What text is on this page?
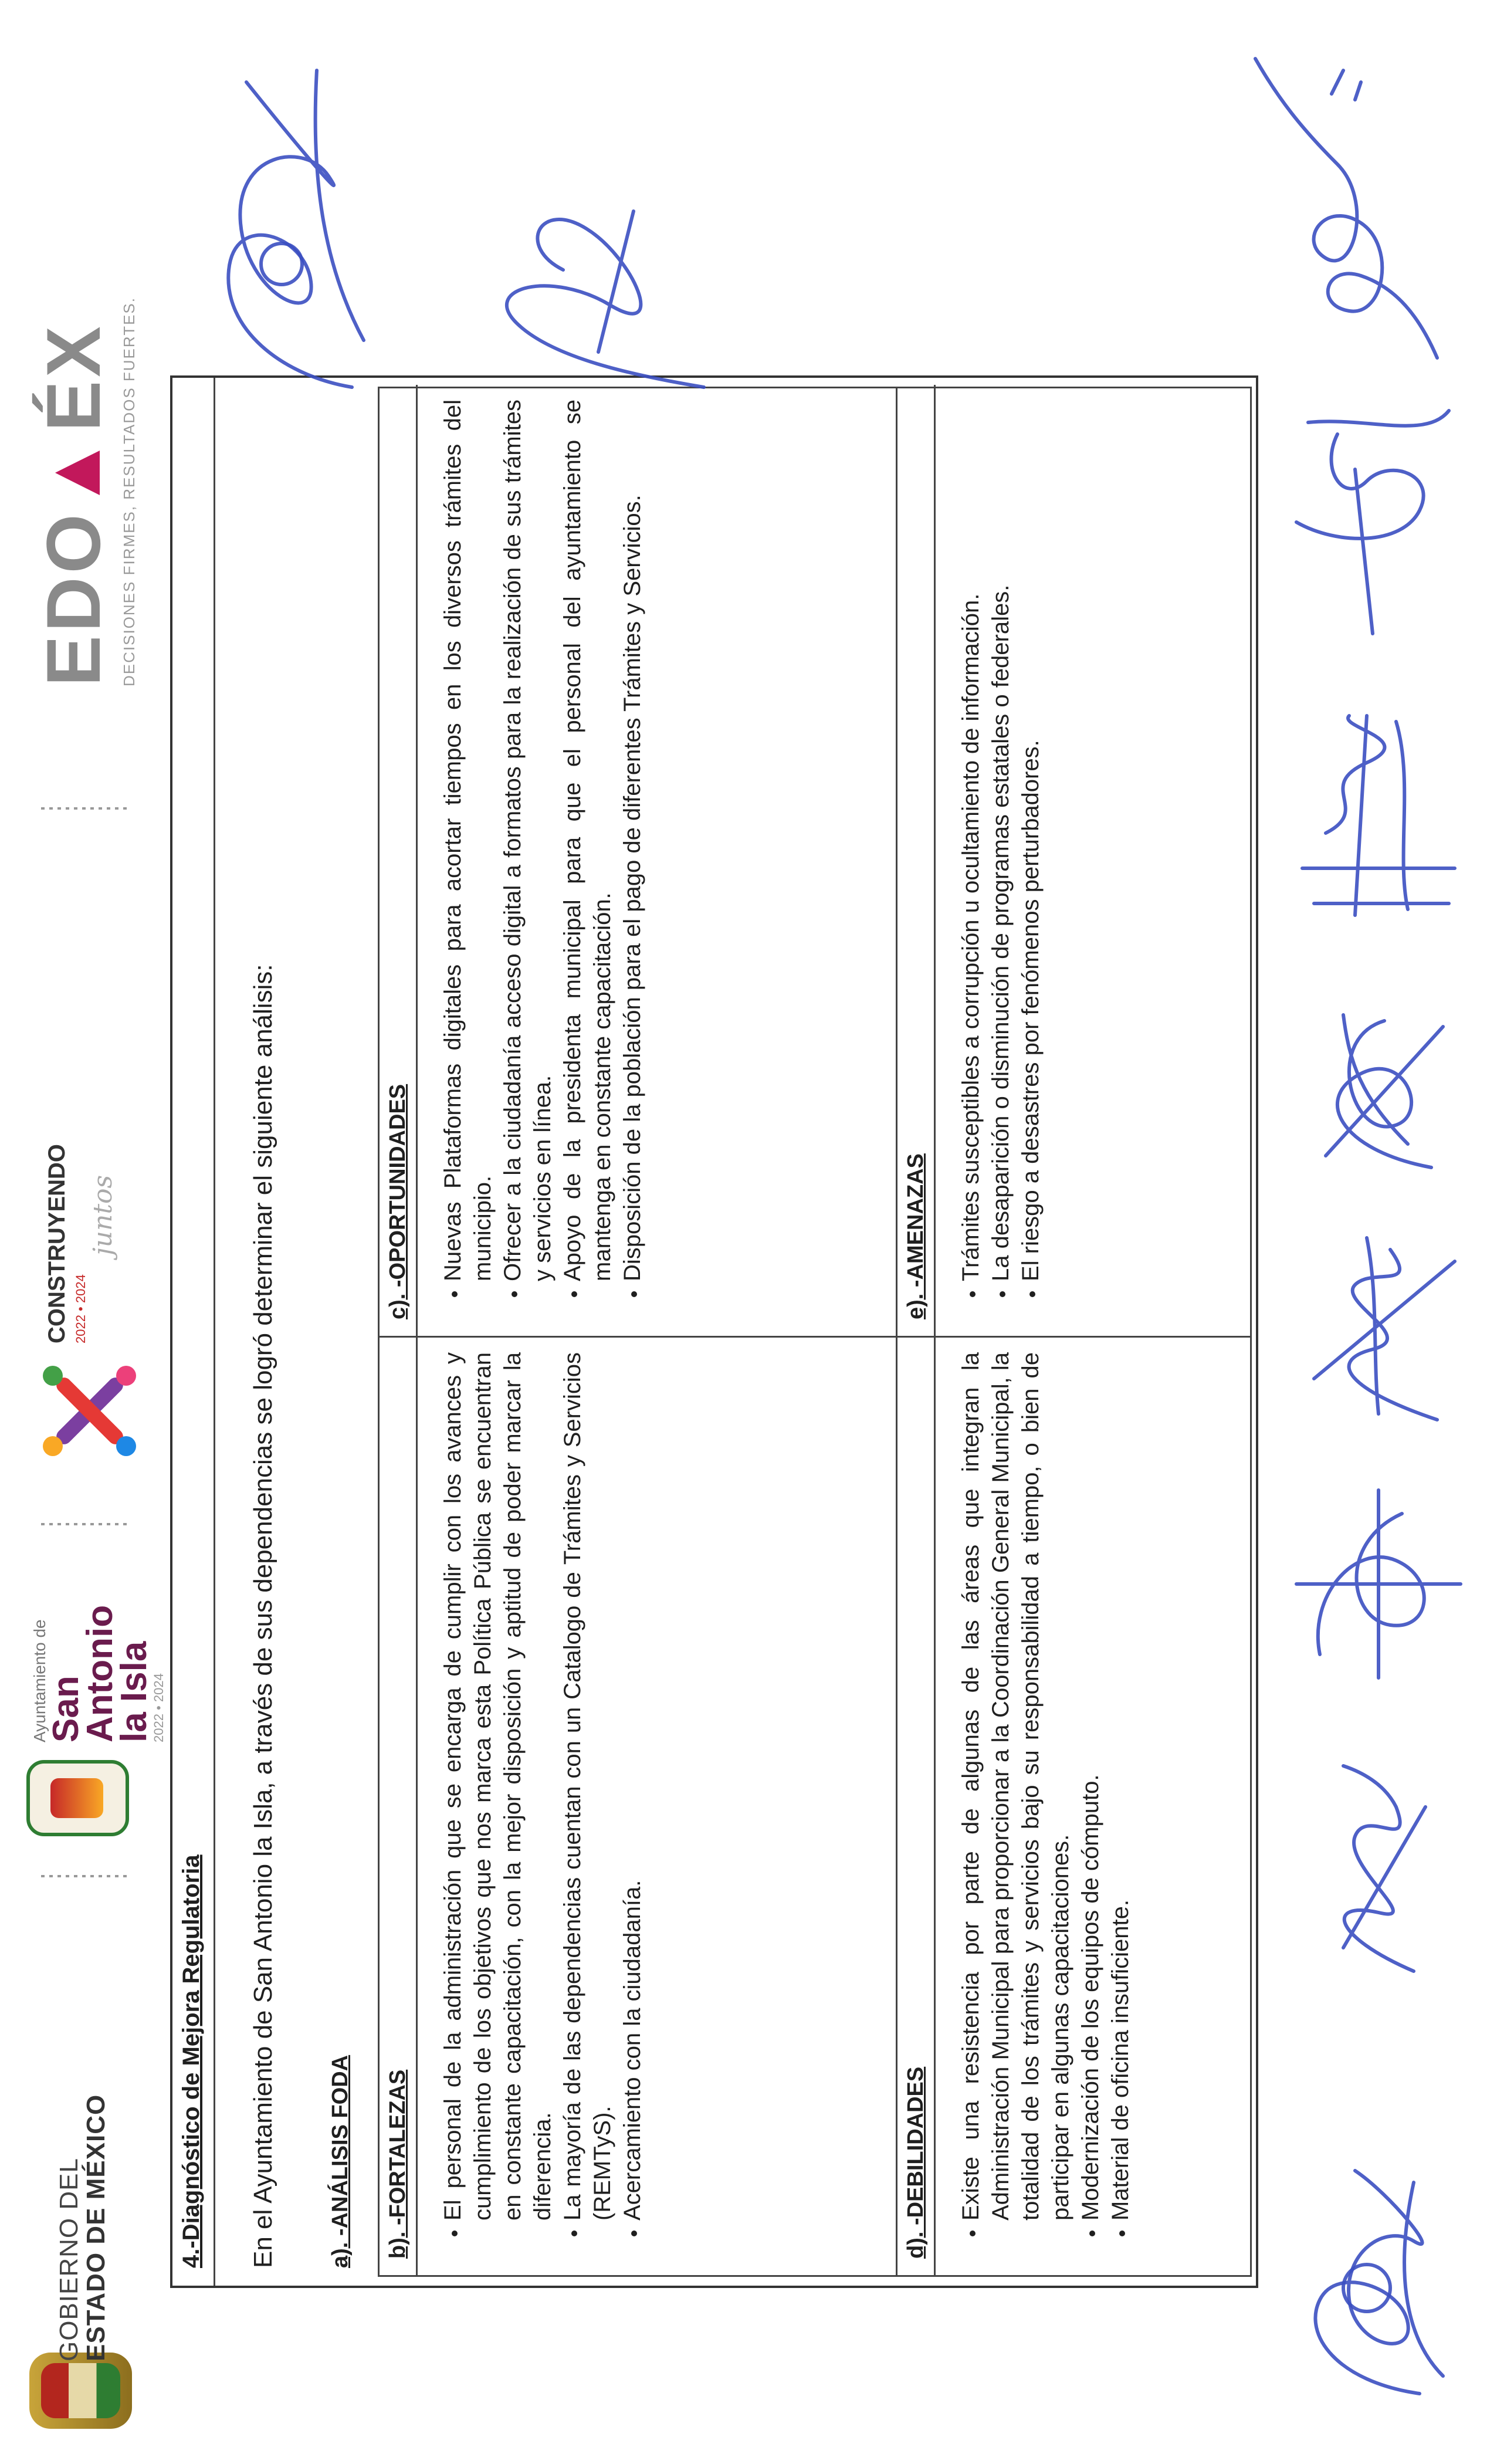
GOBIERNO DEL
ESTADO DE MÉXICO
Ayuntamiento de
San Antonio
la Isla
2022 • 2024
CONSTRUYENDO 2022 • 2024
juntos
EDO▲ÉX DECISIONES FIRMES, RESULTADOS FUERTES.
4.-Diagnóstico de Mejora Regulatoria En el Ayuntamiento de San Antonio la Isla, a través de sus dependencias se logró determinar el siguiente análisis: a). -ANÁLISIS FODA b). -FORTALEZAS	• El personal de la administración que se encarga de cumplir con los avances y cumplimiento de los objetivos que nos marca esta Política Pública se encuentran en constante capacitación, con la mejor disposición y aptitud de poder marcar la diferencia. • La mayoría de las dependencias cuentan con un Catalogo de Trámites y Servicios (REMTyS). • Acercamiento con la ciudadanía.
c). -OPORTUNIDADES	• Nuevas Plataformas digitales para acortar tiempos en los diversos trámites del municipio. • Ofrecer a la ciudadanía acceso digital a formatos para la realización de sus trámites y servicios en línea. • Apoyo de la presidenta municipal para que el personal del ayuntamiento se mantenga en constante capacitación. • Disposición de la población para el pago de diferentes Trámites y Servicios.
d). -DEBILIDADES	• Existe una resistencia por parte de algunas de las áreas que integran la Administración Municipal para proporcionar a la Coordinación General Municipal, la totalidad de los trámites y servicios bajo su responsabilidad a tiempo, o bien de participar en algunas capacitaciones. • Modernización de los equipos de cómputo. • Material de oficina insuficiente.
e). -AMENAZAS	• Trámites susceptibles a corrupción u ocultamiento de información. • La desaparición o disminución de programas estatales o federales. • El riesgo a desastres por fenómenos perturbadores.
